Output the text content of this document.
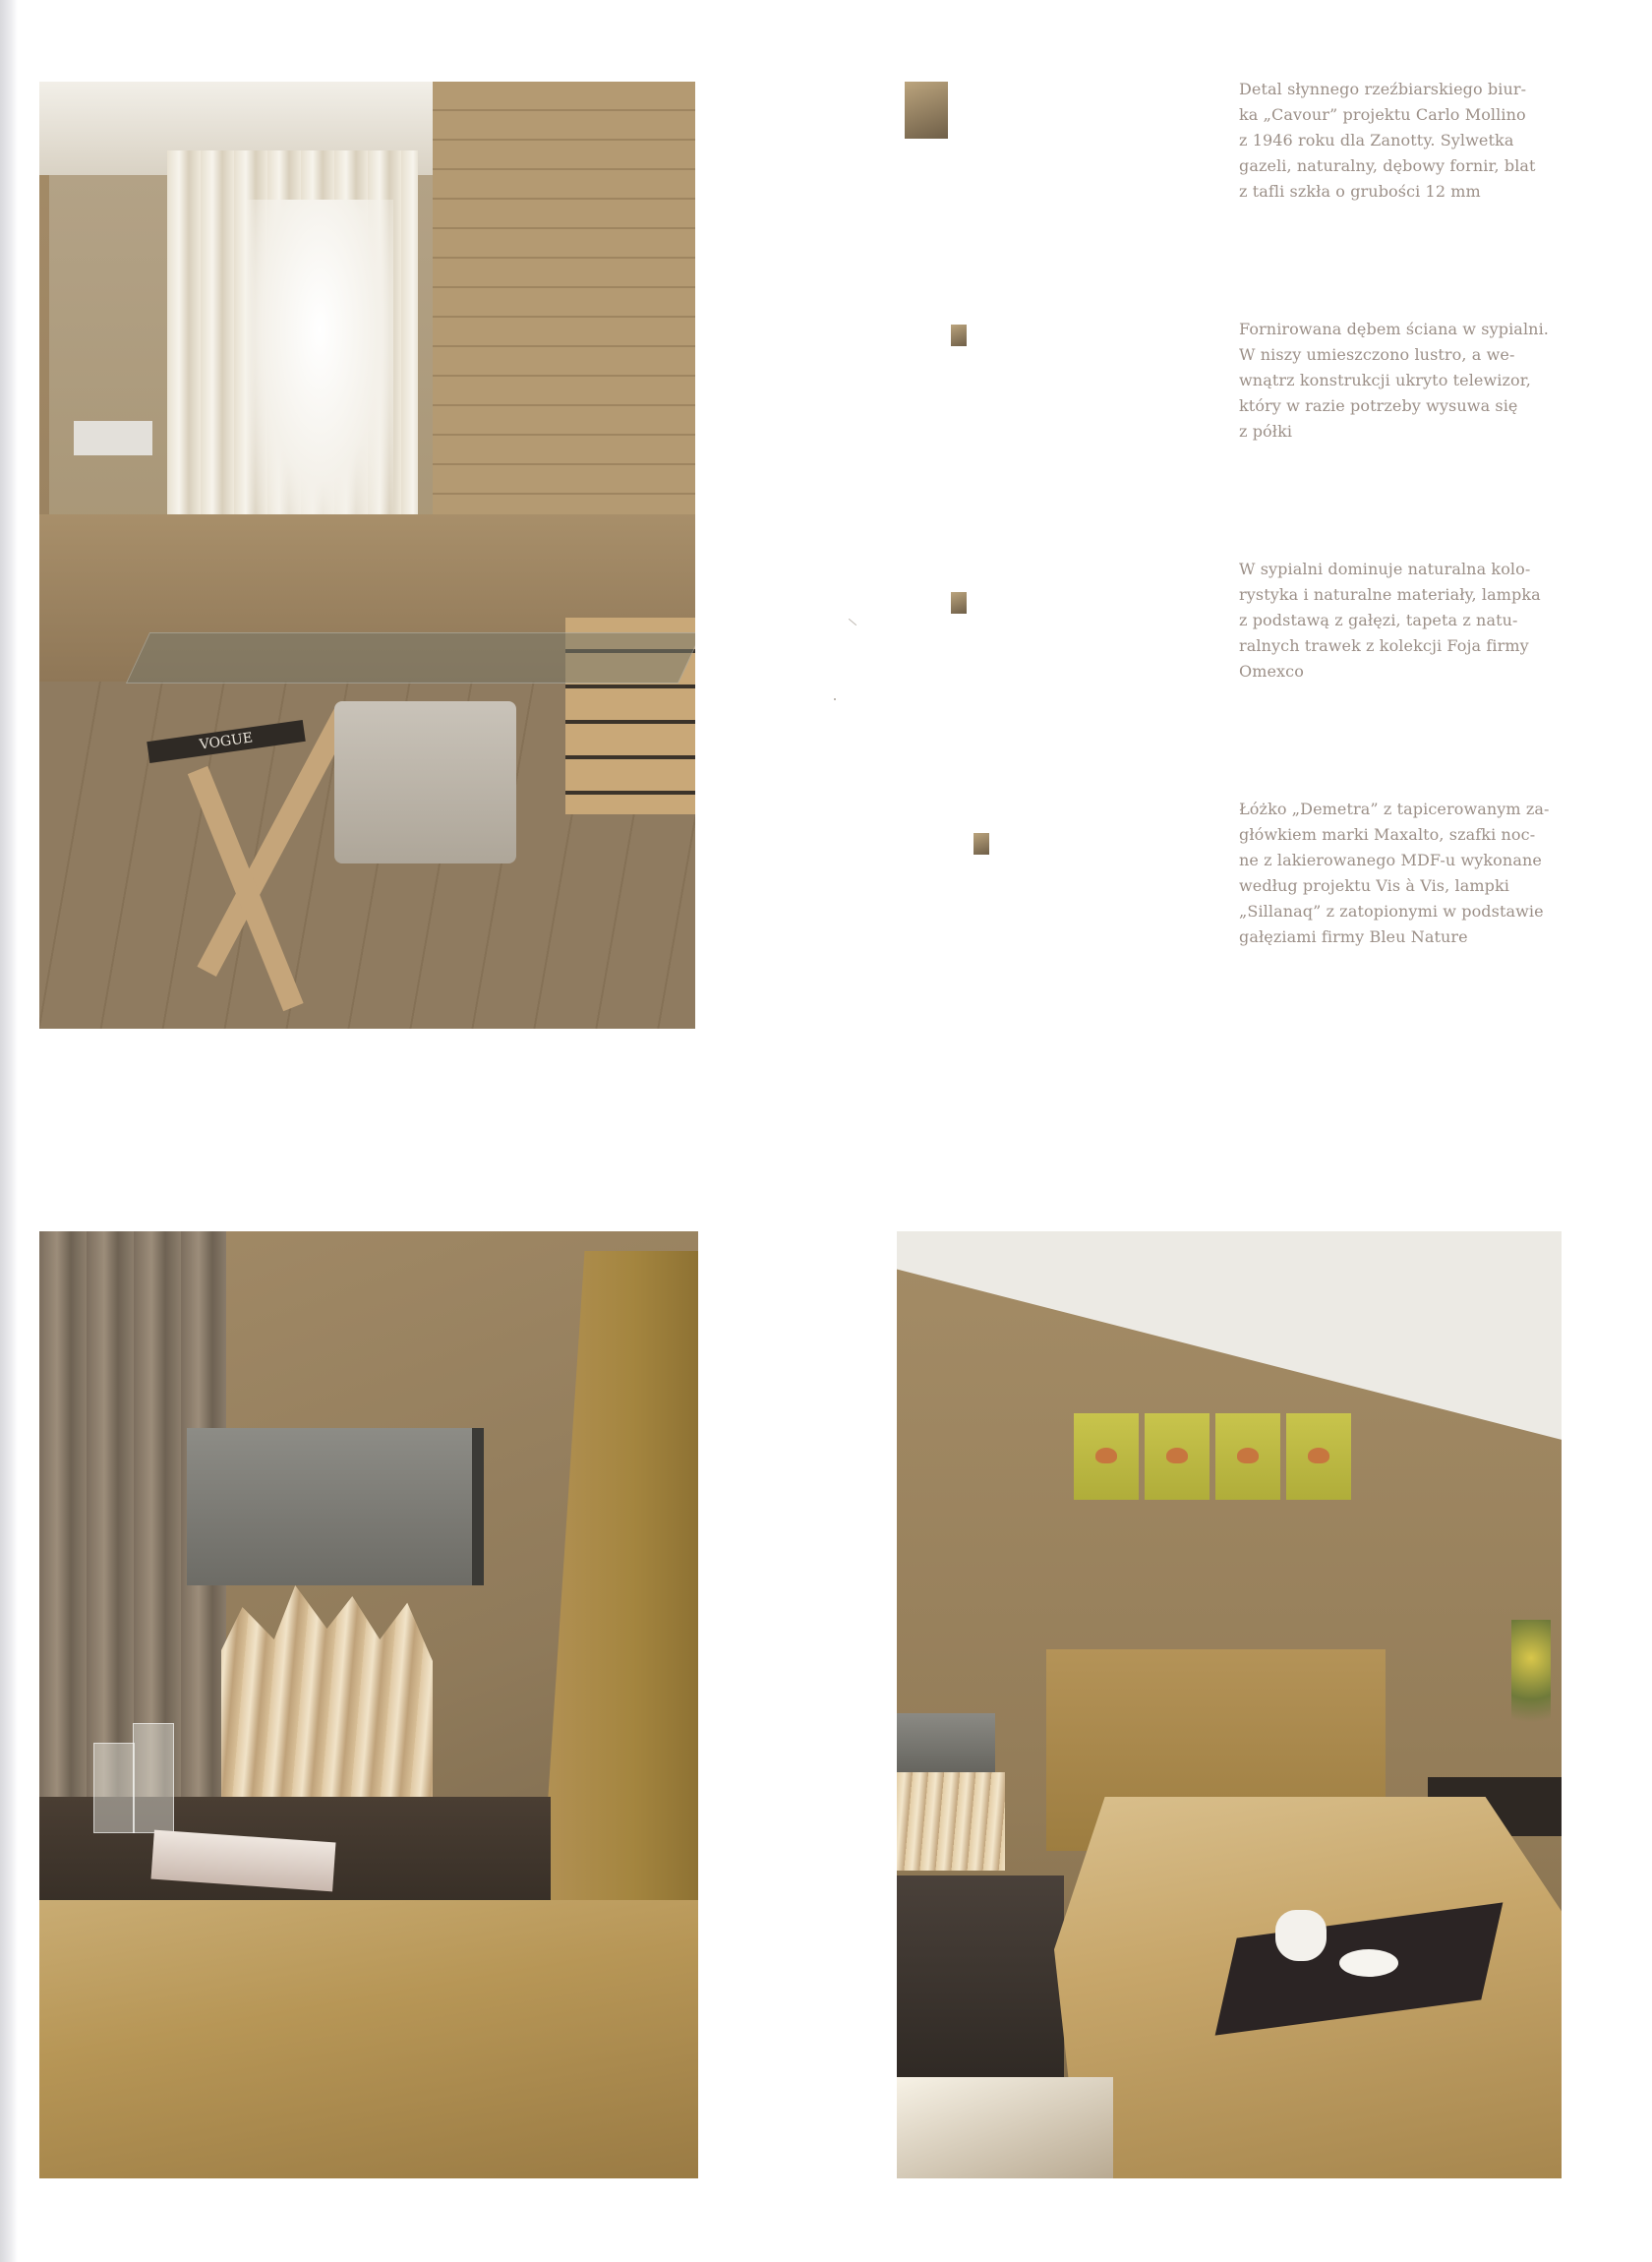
VOGUE
Detal słynnego rzeźbiarskiego biur-
ka „Cavour” projektu Carlo Mollino
z 1946 roku dla Zanotty. Sylwetka
gazeli, naturalny, dębowy fornir, blat
z tafli szkła o grubości 12 mm
Fornirowana dębem ściana w sypialni.
W niszy umieszczono lustro, a we-
wnątrz konstrukcji ukryto telewizor,
który w razie potrzeby wysuwa się
z półki
W sypialni dominuje naturalna kolo-
rystyka i naturalne materiały, lampka
z podstawą z gałęzi, tapeta z natu-
ralnych trawek z kolekcji Foja firmy
Omexco
Łóżko „Demetra” z tapicerowanym za-
główkiem marki Maxalto, szafki noc-
ne z lakierowanego MDF-u wykonane
według projektu Vis à Vis, lampki
„Sillanaq” z zatopionymi w podstawie
gałęziami firmy Bleu Nature
